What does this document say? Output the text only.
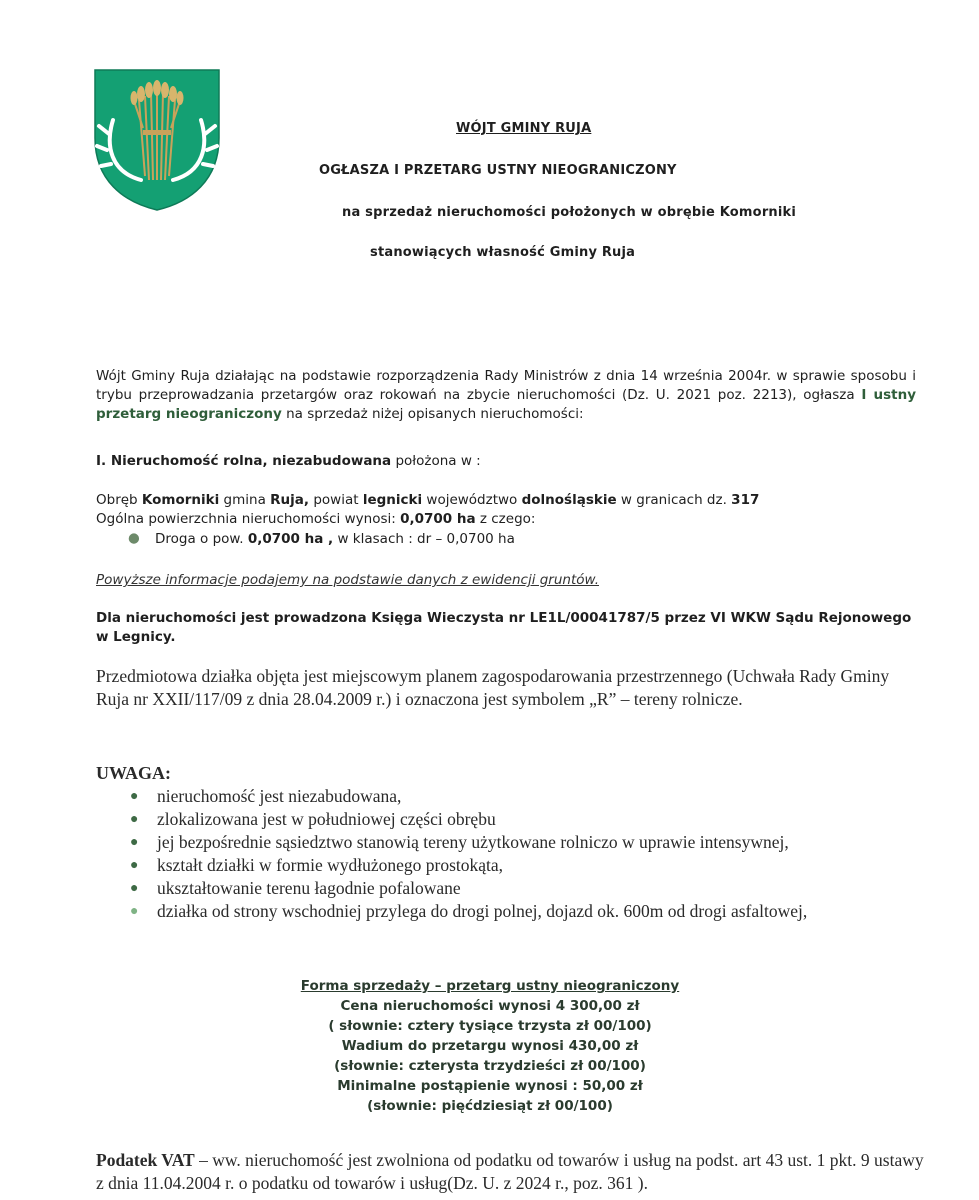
WÓJT GMINY RUJA
OGŁASZA I PRZETARG USTNY NIEOGRANICZONY
na sprzedaż nieruchomości położonych w obrębie Komorniki
stanowiących własność Gminy Ruja
Wójt Gminy Ruja działając na podstawie rozporządzenia Rady Ministrów z dnia 14 września 2004r. w sprawie sposobu i trybu przeprowadzania przetargów oraz rokowań na zbycie nieruchomości (Dz. U. 2021 poz. 2213), ogłasza I ustny przetarg nieograniczony na sprzedaż niżej opisanych nieruchomości:
I. Nieruchomość rolna, niezabudowana położona w :
Obręb Komorniki gmina Ruja, powiat legnicki województwo dolnośląskie w granicach dz. 317
Ogólna powierzchnia nieruchomości wynosi: 0,0700 ha z czego:
● Droga o pow. 0,0700 ha , w klasach : dr – 0,0700 ha
Powyższe informacje podajemy na podstawie danych z ewidencji gruntów.
Dla nieruchomości jest prowadzona Księga Wieczysta nr LE1L/00041787/5 przez VI WKW Sądu Rejonowego w Legnicy.
Przedmiotowa działka objęta jest miejscowym planem zagospodarowania przestrzennego (Uchwała Rady Gminy Ruja nr XXII/117/09 z dnia 28.04.2009 r.) i oznaczona jest symbolem „R” – tereny rolnicze.
UWAGA:
● nieruchomość jest niezabudowana,
● zlokalizowana jest w południowej części obrębu
● jej bezpośrednie sąsiedztwo stanowią tereny użytkowane rolniczo w uprawie intensywnej,
● kształt działki w formie wydłużonego prostokąta,
● ukształtowanie terenu łagodnie pofalowane
● działka od strony wschodniej przylega do drogi polnej, dojazd ok. 600m od drogi asfaltowej,
Forma sprzedaży – przetarg ustny nieograniczony
Cena nieruchomości wynosi 4 300,00 zł
( słownie: cztery tysiące trzysta zł 00/100)
Wadium do przetargu wynosi 430,00 zł
(słownie: czterysta trzydzieści zł 00/100)
Minimalne postąpienie wynosi : 50,00 zł
(słownie: pięćdziesiąt zł 00/100)
Podatek VAT – ww. nieruchomość jest zwolniona od podatku od towarów i usług na podst. art 43 ust. 1 pkt. 9 ustawy z dnia 11.04.2004 r. o podatku od towarów i usług(Dz. U. z 2024 r., poz. 361 ).
